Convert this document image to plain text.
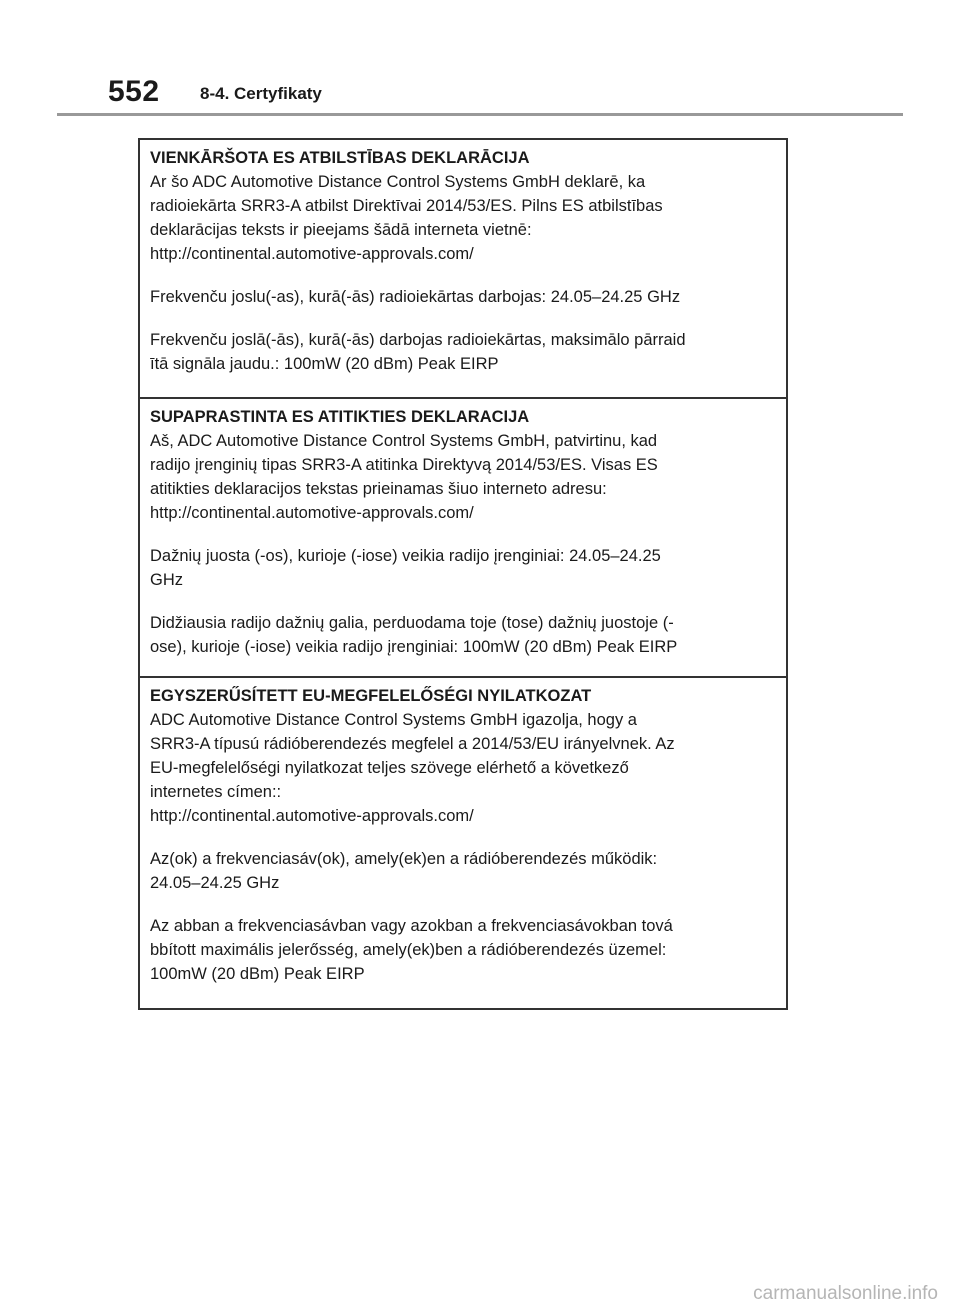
552 8-4. Certyfikaty

VIENKĀRŠOTA ES ATBILSTĪBAS DEKLARĀCIJA

Ar šo ADC Automotive Distance Control Systems GmbH deklarē, ka

radioiekārta SRR3-A atbilst Direktīvai 2014/53/ES. Pilns ES atbilstības

deklarācijas teksts ir pieejams šādā interneta vietnē:

http://continental.automotive-approvals.com/

Frekvenču joslu(-as), kurā(-ās) radioiekārtas darbojas: 24.05–24.25 GHz

Frekvenču joslā(-ās), kurā(-ās) darbojas radioiekārtas, maksimālo pārraid

ītā signāla jaudu.: 100mW (20 dBm) Peak EIRP

SUPAPRASTINTA ES ATITIKTIES DEKLARACIJA

Aš, ADC Automotive Distance Control Systems GmbH, patvirtinu, kad

radijo įrenginių tipas SRR3-A atitinka Direktyvą 2014/53/ES. Visas ES

atitikties deklaracijos tekstas prieinamas šiuo interneto adresu:

http://continental.automotive-approvals.com/

Dažnių juosta (-os), kurioje (-iose) veikia radijo įrenginiai: 24.05–24.25

GHz

Didžiausia radijo dažnių galia, perduodama toje (tose) dažnių juostoje (-

ose), kurioje (-iose) veikia radijo įrenginiai: 100mW (20 dBm) Peak EIRP

EGYSZERŰSÍTETT EU-MEGFELELŐSÉGI NYILATKOZAT

ADC Automotive Distance Control Systems GmbH igazolja, hogy a

SRR3-A típusú rádióberendezés megfelel a 2014/53/EU irányelvnek. Az

EU-megfelelőségi nyilatkozat teljes szövege elérhető a következő

internetes címen::

http://continental.automotive-approvals.com/

Az(ok) a frekvenciasáv(ok), amely(ek)en a rádióberendezés működik:

24.05–24.25 GHz

Az abban a frekvenciasávban vagy azokban a frekvenciasávokban tová

bbított maximális jelerősség, amely(ek)ben a rádióberendezés üzemel:

100mW (20 dBm) Peak EIRP

carmanualsonline.info
